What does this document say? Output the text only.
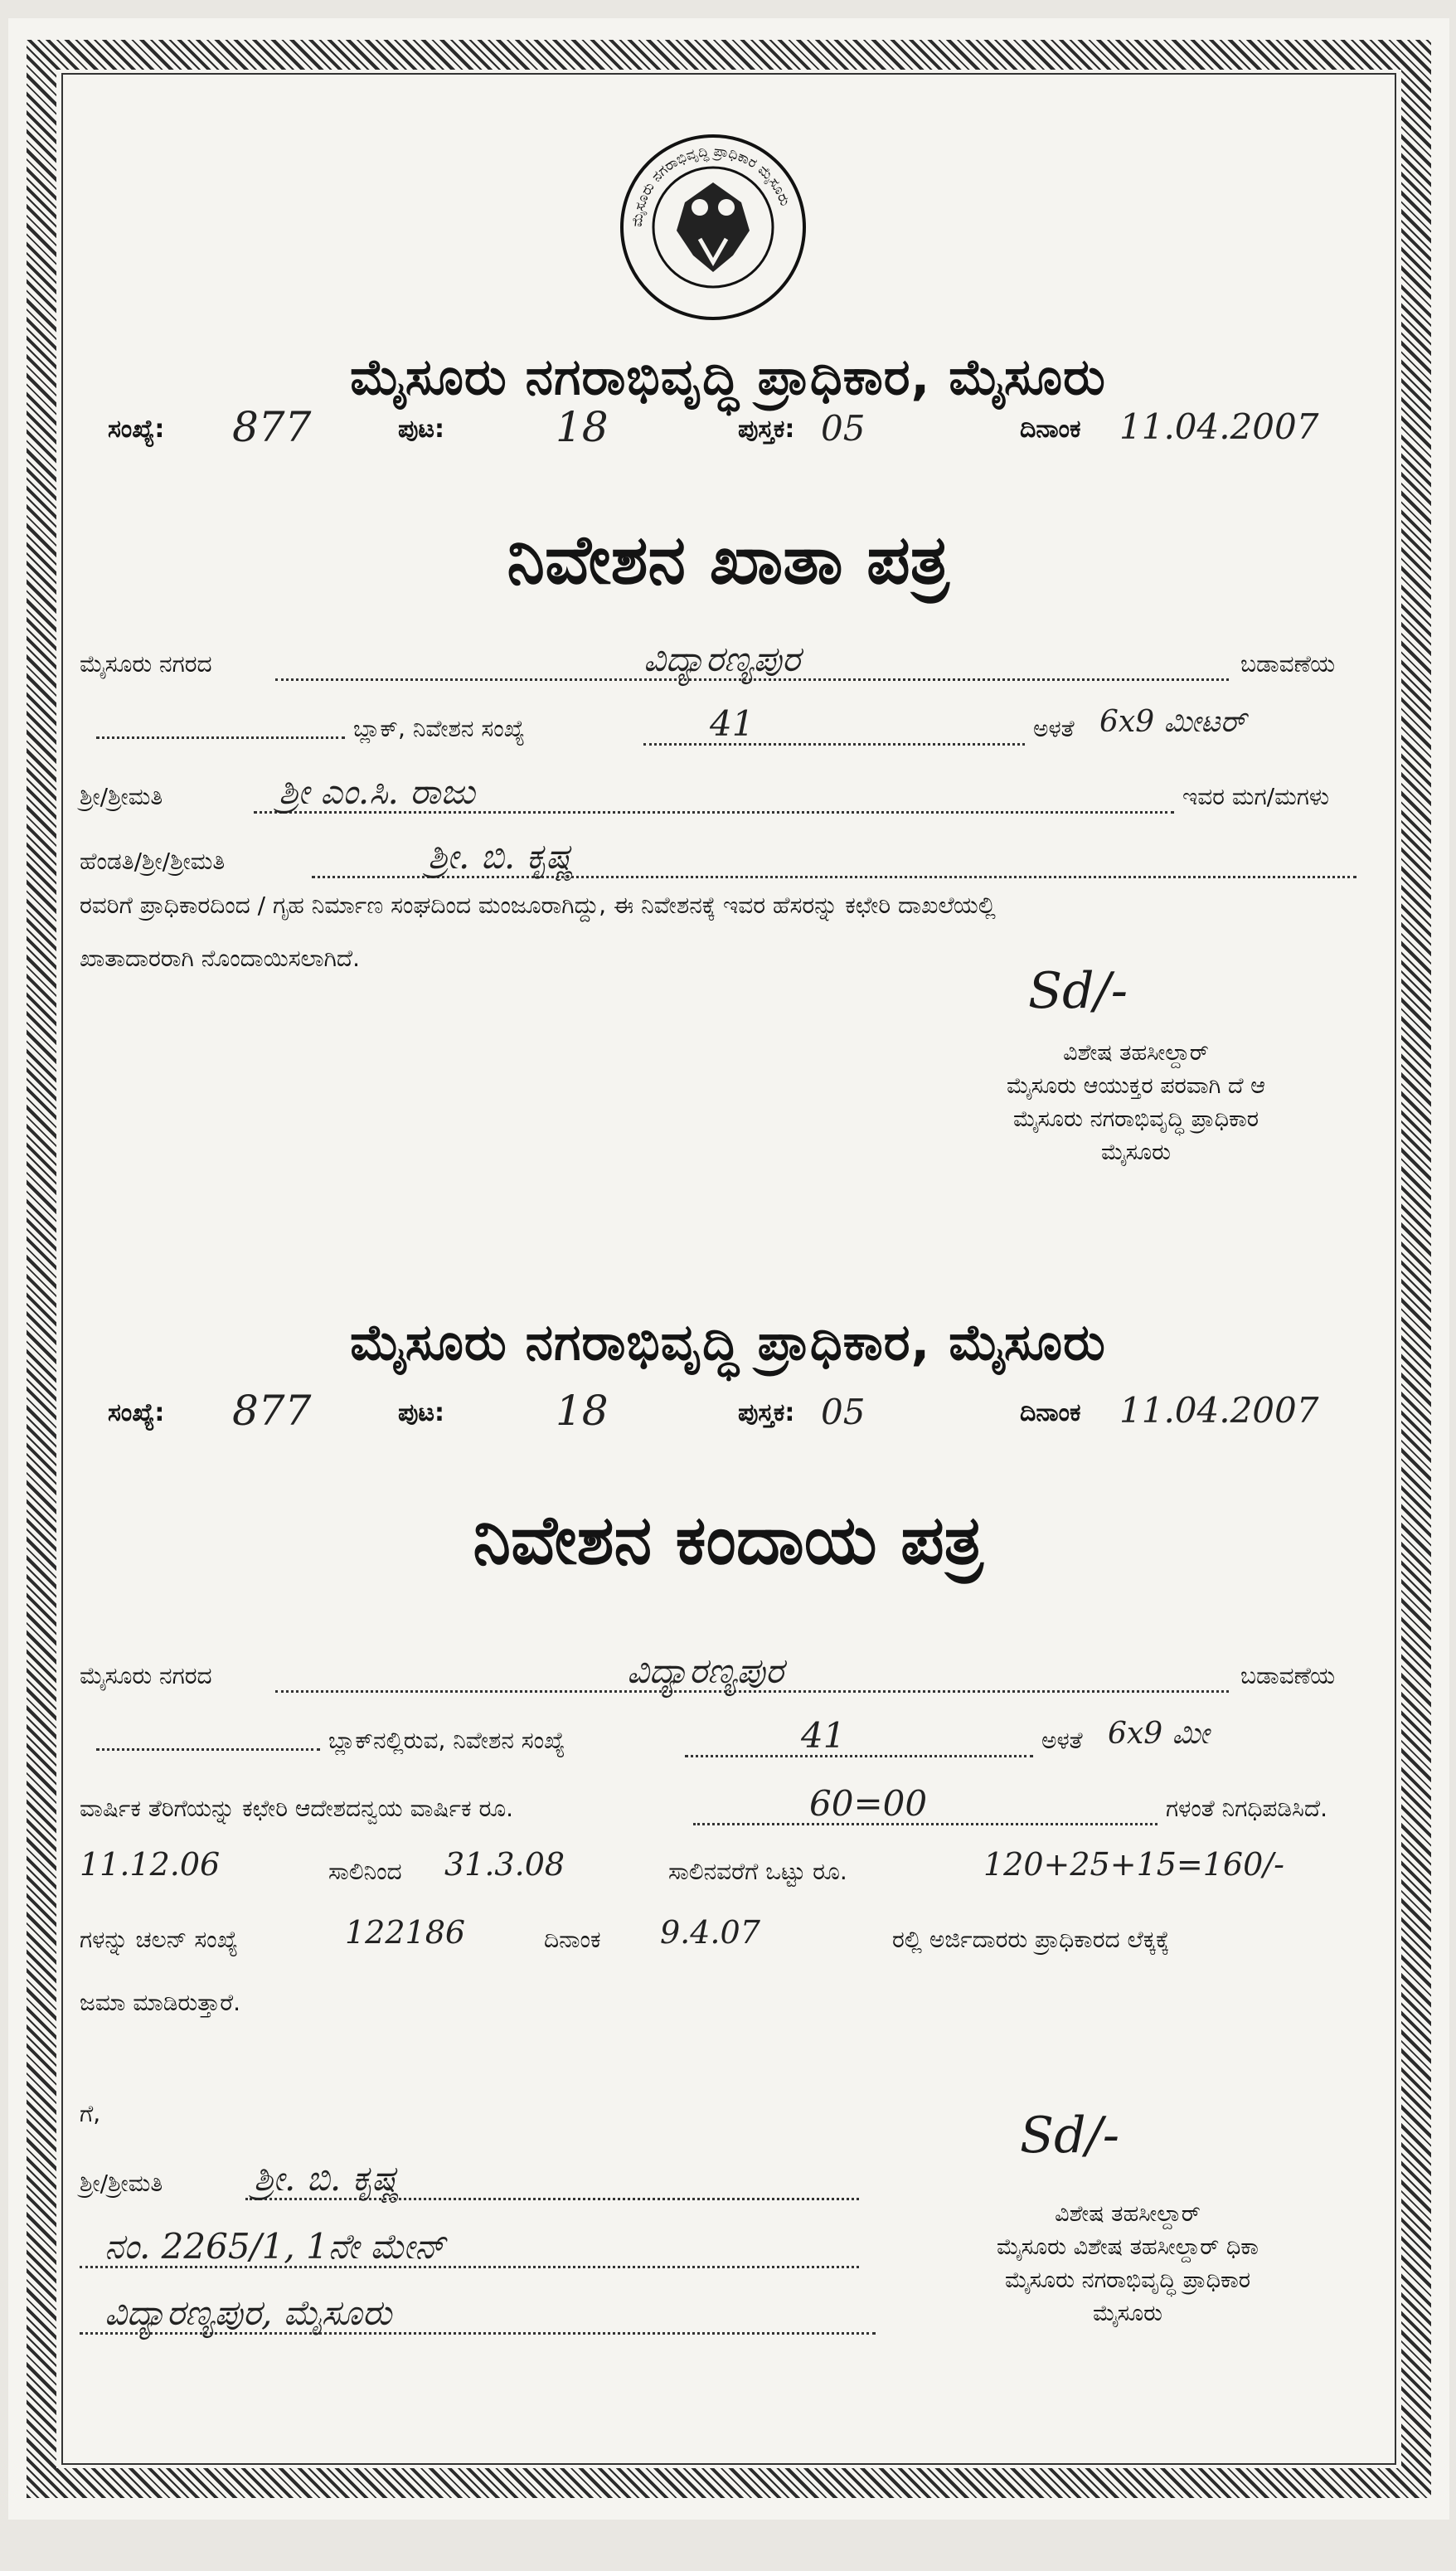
ಮೈಸೂರು ನಗರಾಭಿವೃದ್ಧಿ ಪ್ರಾಧಿಕಾರ ಮೈಸೂರು
ಮೈಸೂರು ನಗರಾಭಿವೃದ್ಧಿ ಪ್ರಾಧಿಕಾರ, ಮೈಸೂರು
ಸಂಖ್ಯೆ: 877	ಪುಟ:	18	ಪುಸ್ತಕ: 05	ದಿನಾಂಕ 11.04.2007
ನಿವೇಶನ ಖಾತಾ ಪತ್ರ
ಮೈಸೂರು ನಗರದ	ವಿದ್ಯಾರಣ್ಯಪುರ	ಬಡಾವಣೆಯ
ಬ್ಲಾಕ್, ನಿವೇಶನ ಸಂಖ್ಯೆ	41	ಅಳತೆ 6x9 ಮೀಟರ್
ಶ್ರೀ/ಶ್ರೀಮತಿ	ಶ್ರೀ ಎಂ.ಸಿ. ರಾಜು	ಇವರ ಮಗ/ಮಗಳು
ಹೆಂಡತಿ/ಶ್ರೀ/ಶ್ರೀಮತಿ	ಶ್ರೀ. ಬಿ. ಕೃಷ್ಣ
ರವರಿಗೆ ಪ್ರಾಧಿಕಾರದಿಂದ / ಗೃಹ ನಿರ್ಮಾಣ ಸಂಘದಿಂದ ಮಂಜೂರಾಗಿದ್ದು, ಈ ನಿವೇಶನಕ್ಕೆ ಇವರ ಹೆಸರನ್ನು ಕಛೇರಿ ದಾಖಲೆಯಲ್ಲಿ
ಖಾತಾದಾರರಾಗಿ ನೊಂದಾಯಿಸಲಾಗಿದೆ.
Sd/-
ವಿಶೇಷ ತಹಸೀಲ್ದಾರ್
ಮೈಸೂರು ಆಯುಕ್ತರ ಪರವಾಗಿ ದೆ ಆ
ಮೈಸೂರು ನಗರಾಭಿವೃದ್ಧಿ ಪ್ರಾಧಿಕಾರ
ಮೈಸೂರು
ಮೈಸೂರು ನಗರಾಭಿವೃದ್ಧಿ ಪ್ರಾಧಿಕಾರ, ಮೈಸೂರು
ಸಂಖ್ಯೆ: 877	ಪುಟ:	18	ಪುಸ್ತಕ: 05	ದಿನಾಂಕ 11.04.2007
ನಿವೇಶನ ಕಂದಾಯ ಪತ್ರ
ಮೈಸೂರು ನಗರದ	ವಿದ್ಯಾರಣ್ಯಪುರ	ಬಡಾವಣೆಯ
ಬ್ಲಾಕ್‌ನಲ್ಲಿರುವ, ನಿವೇಶನ ಸಂಖ್ಯೆ	41	ಅಳತೆ 6x9 ಮೀ
ವಾರ್ಷಿಕ ತೆರಿಗೆಯನ್ನು ಕಛೇರಿ ಆದೇಶದನ್ವಯ ವಾರ್ಷಿಕ ರೂ.	60=00	ಗಳಂತೆ ನಿಗಧಿಪಡಿಸಿದೆ.
11.12.06	ಸಾಲಿನಿಂದ 31.3.08	ಸಾಲಿನವರೆಗೆ ಒಟ್ಟು ರೂ.	120+25+15=160/-
ಗಳನ್ನು ಚಲನ್ ಸಂಖ್ಯೆ	122186	ದಿನಾಂಕ 9.4.07	ರಲ್ಲಿ ಅರ್ಜಿದಾರರು ಪ್ರಾಧಿಕಾರದ ಲೆಕ್ಕಕ್ಕೆ
ಜಮಾ ಮಾಡಿರುತ್ತಾರೆ.
ಗೆ,
ಶ್ರೀ/ಶ್ರೀಮತಿ	ಶ್ರೀ. ಬಿ. ಕೃಷ್ಣ
ನಂ. 2265/1, 1ನೇ ಮೇನ್
ವಿದ್ಯಾರಣ್ಯಪುರ, ಮೈಸೂರು
Sd/-
ವಿಶೇಷ ತಹಸೀಲ್ದಾರ್
ಮೈಸೂರು ವಿಶೇಷ ತಹಸೀಲ್ದಾರ್ ಧಿಕಾ
ಮೈಸೂರು ನಗರಾಭಿವೃದ್ಧಿ ಪ್ರಾಧಿಕಾರ
ಮೈಸೂರು
